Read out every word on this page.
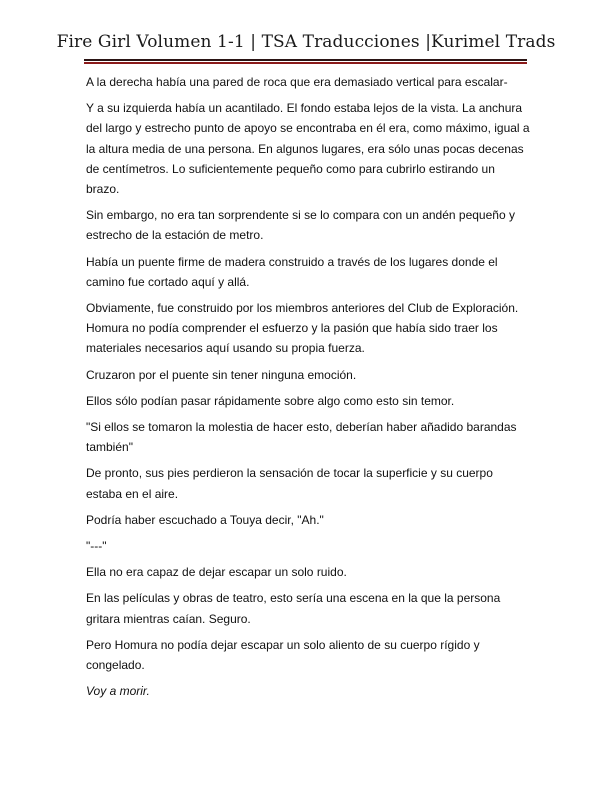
Fire Girl Volumen 1-1 | TSA Traducciones |Kurimel Trads

A la derecha había una pared de roca que era demasiado vertical para escalar-

Y a su izquierda había un acantilado. El fondo estaba lejos de la vista. La anchura del largo y estrecho punto de apoyo se encontraba en él era, como máximo, igual a la altura media de una persona. En algunos lugares, era sólo unas pocas decenas de centímetros. Lo suficientemente pequeño como para cubrirlo estirando un brazo.

Sin embargo, no era tan sorprendente si se lo compara con un andén pequeño y estrecho de la estación de metro.

Había un puente firme de madera construido a través de los lugares donde el camino fue cortado aquí y allá.

Obviamente, fue construido por los miembros anteriores del Club de Exploración. Homura no podía comprender el esfuerzo y la pasión que había sido traer los materiales necesarios aquí usando su propia fuerza.

Cruzaron por el puente sin tener ninguna emoción.

Ellos sólo podían pasar rápidamente sobre algo como esto sin temor.

"Si ellos se tomaron la molestia de hacer esto, deberían haber añadido barandas también"

De pronto, sus pies perdieron la sensación de tocar la superficie y su cuerpo estaba en el aire.

Podría haber escuchado a Touya decir, "Ah."

"---"

Ella no era capaz de dejar escapar un solo ruido.

En las películas y obras de teatro, esto sería una escena en la que la persona gritara mientras caían. Seguro.

Pero Homura no podía dejar escapar un solo aliento de su cuerpo rígido y congelado.

Voy a morir.
